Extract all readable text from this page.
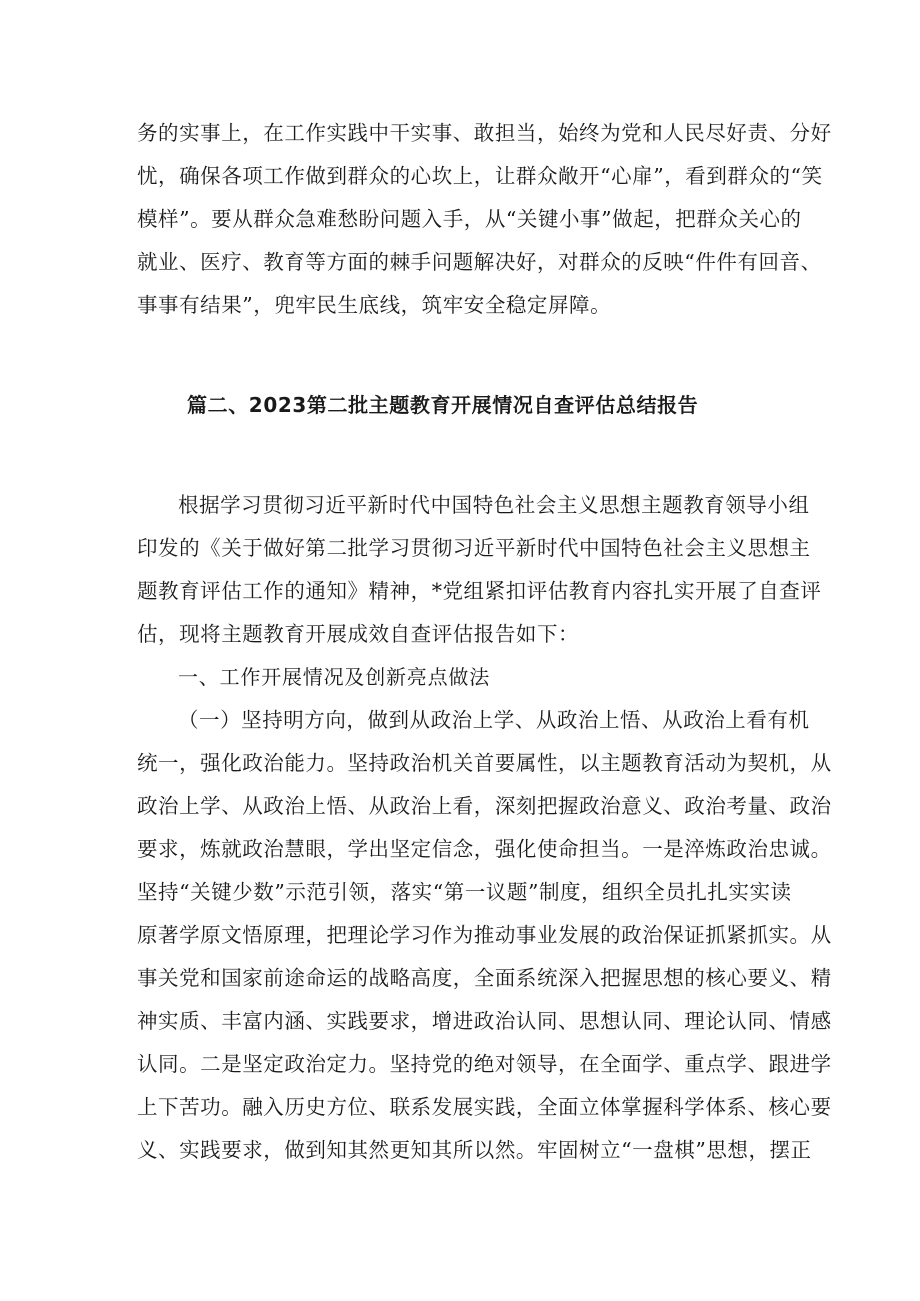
务的实事上，在工作实践中干实事、敢担当，始终为党和人民尽好责、分好
忧，确保各项工作做到群众的心坎上，让群众敞开“心扉”，看到群众的“笑
模样”。要从群众急难愁盼问题入手，从“关键小事”做起，把群众关心的
就业、医疗、教育等方面的棘手问题解决好，对群众的反映“件件有回音、
事事有结果”，兜牢民生底线，筑牢安全稳定屏障。
篇二、2023第二批主题教育开展情况自查评估总结报告
根据学习贯彻习近平新时代中国特色社会主义思想主题教育领导小组
印发的《关于做好第二批学习贯彻习近平新时代中国特色社会主义思想主
题教育评估工作的通知》精神，*党组紧扣评估教育内容扎实开展了自查评
估，现将主题教育开展成效自查评估报告如下：
一、工作开展情况及创新亮点做法
（一）坚持明方向，做到从政治上学、从政治上悟、从政治上看有机
统一，强化政治能力。坚持政治机关首要属性，以主题教育活动为契机，从
政治上学、从政治上悟、从政治上看，深刻把握政治意义、政治考量、政治
要求，炼就政治慧眼，学出坚定信念，强化使命担当。一是淬炼政治忠诚。
坚持“关键少数”示范引领，落实“第一议题”制度，组织全员扎扎实实读
原著学原文悟原理，把理论学习作为推动事业发展的政治保证抓紧抓实。从
事关党和国家前途命运的战略高度，全面系统深入把握思想的核心要义、精
神实质、丰富内涵、实践要求，增进政治认同、思想认同、理论认同、情感
认同。二是坚定政治定力。坚持党的绝对领导，在全面学、重点学、跟进学
上下苦功。融入历史方位、联系发展实践，全面立体掌握科学体系、核心要
义、实践要求，做到知其然更知其所以然。牢固树立“一盘棋”思想，摆正
